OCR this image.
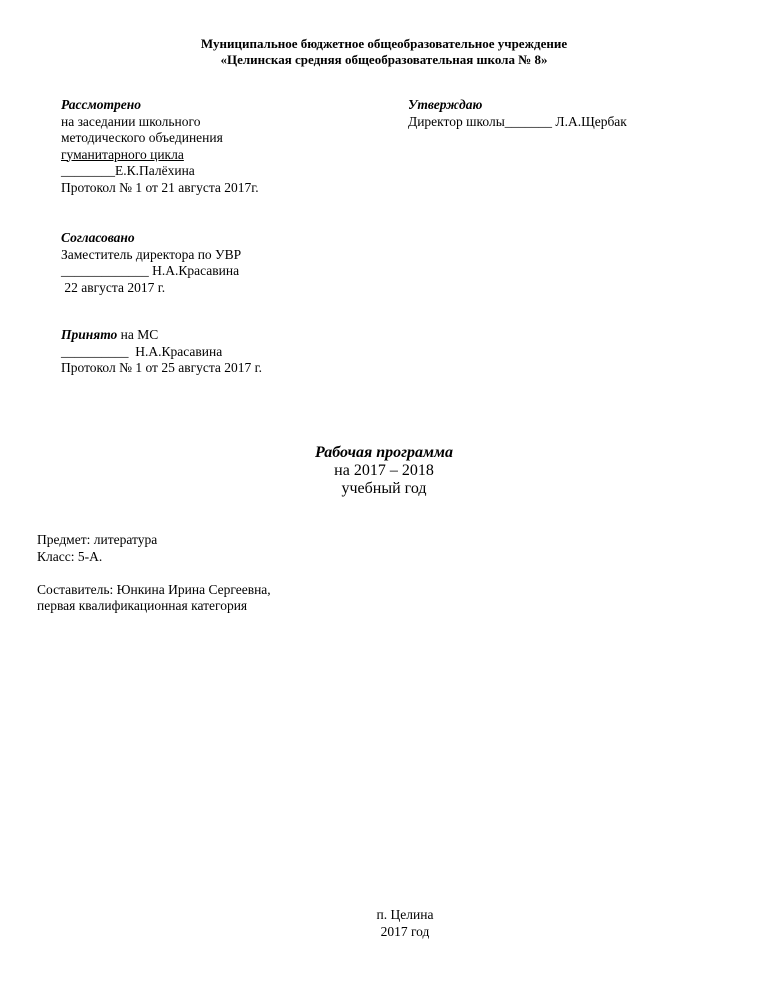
Муниципальное бюджетное общеобразовательное учреждение
«Целинская средняя общеобразовательная школа № 8»
Рассмотрено
на заседании школьного
методического объединения
гуманитарного цикла
________Е.К.Палёхина
Протокол № 1 от 21 августа 2017г.
Утверждаю
Директор школы_______ Л.А.Щербак
Согласовано
Заместитель директора по УВР
_____________ Н.А.Красавина
22 августа 2017 г.
Принято на МС
__________  Н.А.Красавина
Протокол № 1 от 25 августа 2017 г.
Рабочая программа
на 2017 – 2018
учебный год
Предмет: литература
Класс: 5-А.
Составитель: Юнкина Ирина Сергеевна,
первая квалификационная категория
п. Целина
2017 год
